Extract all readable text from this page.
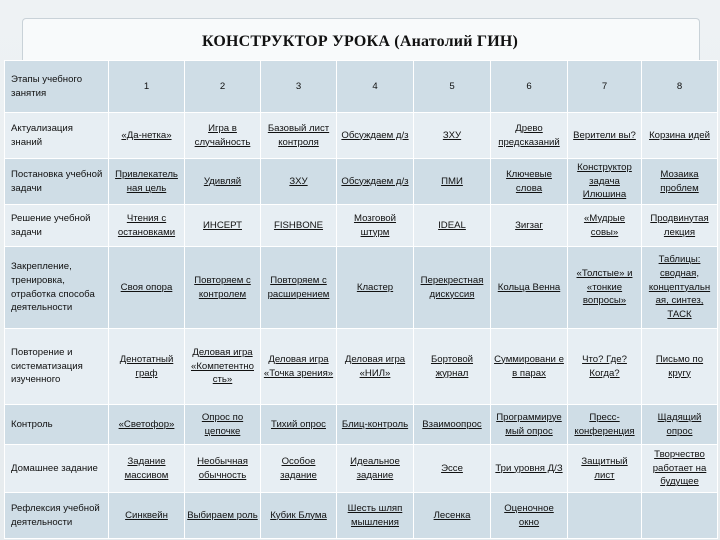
КОНСТРУКТОР УРОКА (Анатолий ГИН)
Этапы учебного занятия	1	2	3	4	5	6	7	8
Актуализация знаний	«Да-нетка»	Игра в случайность	Базовый лист контроля	Обсуждаем д/з	ЗХУ	Древо предсказаний	Верители вы?	Корзина идей
Постановка учебной задачи	Привлекатель ная цель	Удивляй	ЗХУ	Обсуждаем д/з	ПМИ	Ключевые слова	Конструктор задача Илюшина	Мозаика проблем
Решение учебной задачи	Чтения с остановками	ИНСЕРТ	FISHBONE	Мозговой штурм	IDEAL	Зигзаг	«Мудрые совы»	Продвинутая лекция
Закрепление, тренировка, отработка способа деятельности	Своя опора	Повторяем с контролем	Повторяем с расширением	Кластер	Перекрестная дискуссия	Кольца Венна	«Толстые» и «тонкие вопросы»	Таблицы: сводная, концептуальн ая, синтез, ТАСК
Повторение и систематизация изученного	Денотатный граф	Деловая игра «Компетентно сть»	Деловая игра «Точка зрения»	Деловая игра «НИЛ»	Бортовой журнал	Суммировани е в парах	Что? Где? Когда?	Письмо по кругу
Контроль	«Светофор»	Опрос по цепочке	Тихий опрос	Блиц-контроль	Взаимоопрос	Программируе мый опрос	Пресс-конференция	Щадящий опрос
Домашнее задание	Задание массивом	Необычная обычность	Особое задание	Идеальное задание	Эссе	Три уровня Д/З	Защитный лист	Творчество работает на будущее
Рефлексия учебной деятельности	Синквейн	Выбираем роль	Кубик Блума	Шесть шляп мышления	Лесенка	Оценочное окно		
